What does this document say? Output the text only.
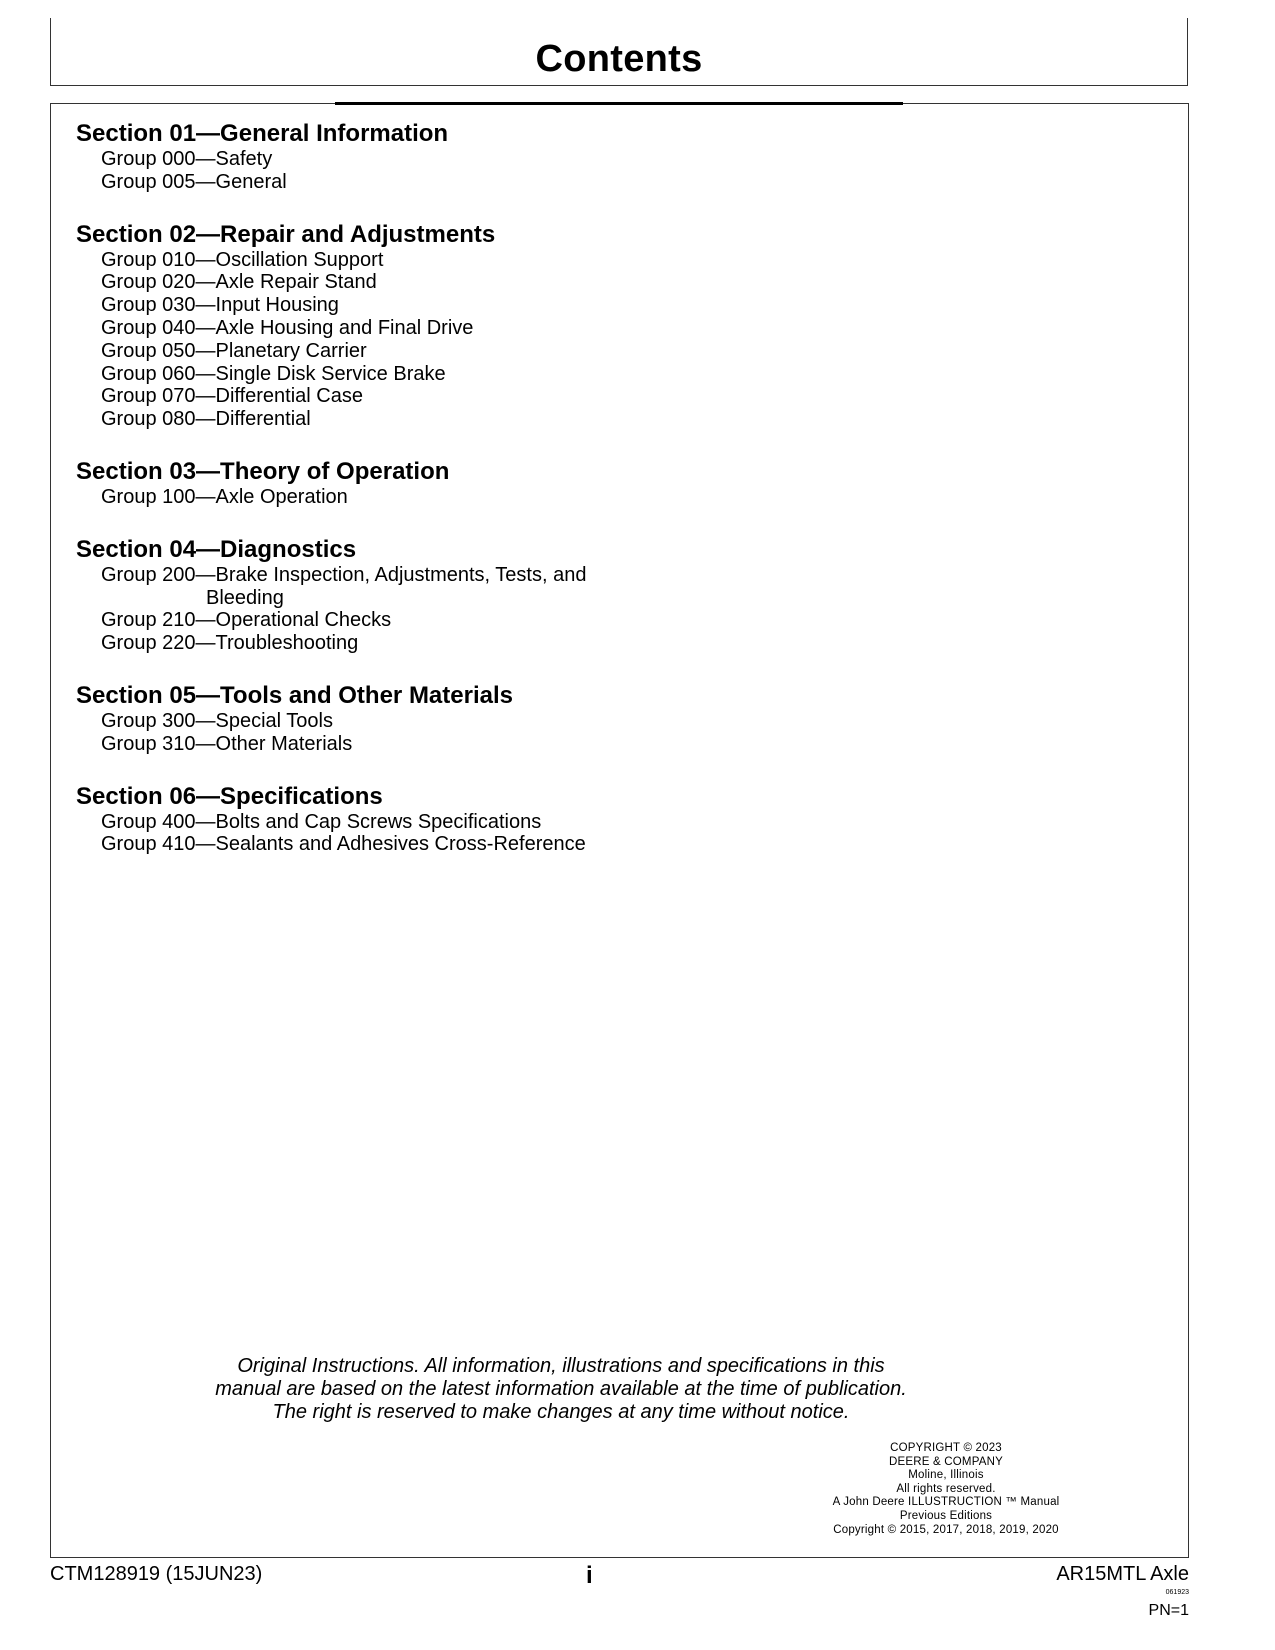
Contents
Section 01—General Information
Group 000—Safety
Group 005—General
Section 02—Repair and Adjustments
Group 010—Oscillation Support
Group 020—Axle Repair Stand
Group 030—Input Housing
Group 040—Axle Housing and Final Drive
Group 050—Planetary Carrier
Group 060—Single Disk Service Brake
Group 070—Differential Case
Group 080—Differential
Section 03—Theory of Operation
Group 100—Axle Operation
Section 04—Diagnostics
Group 200—Brake Inspection, Adjustments, Tests, and
Bleeding
Group 210—Operational Checks
Group 220—Troubleshooting
Section 05—Tools and Other Materials
Group 300—Special Tools
Group 310—Other Materials
Section 06—Specifications
Group 400—Bolts and Cap Screws Specifications
Group 410—Sealants and Adhesives Cross-Reference
Original Instructions. All information, illustrations and specifications in this
manual are based on the latest information available at the time of publication.
The right is reserved to make changes at any time without notice.
COPYRIGHT © 2023
DEERE & COMPANY
Moline, Illinois
All rights reserved.
A John Deere ILLUSTRUCTION ™ Manual
Previous Editions
Copyright © 2015, 2017, 2018, 2019, 2020
CTM128919 (15JUN23)	i	AR15MTL Axle
061923
PN=1
